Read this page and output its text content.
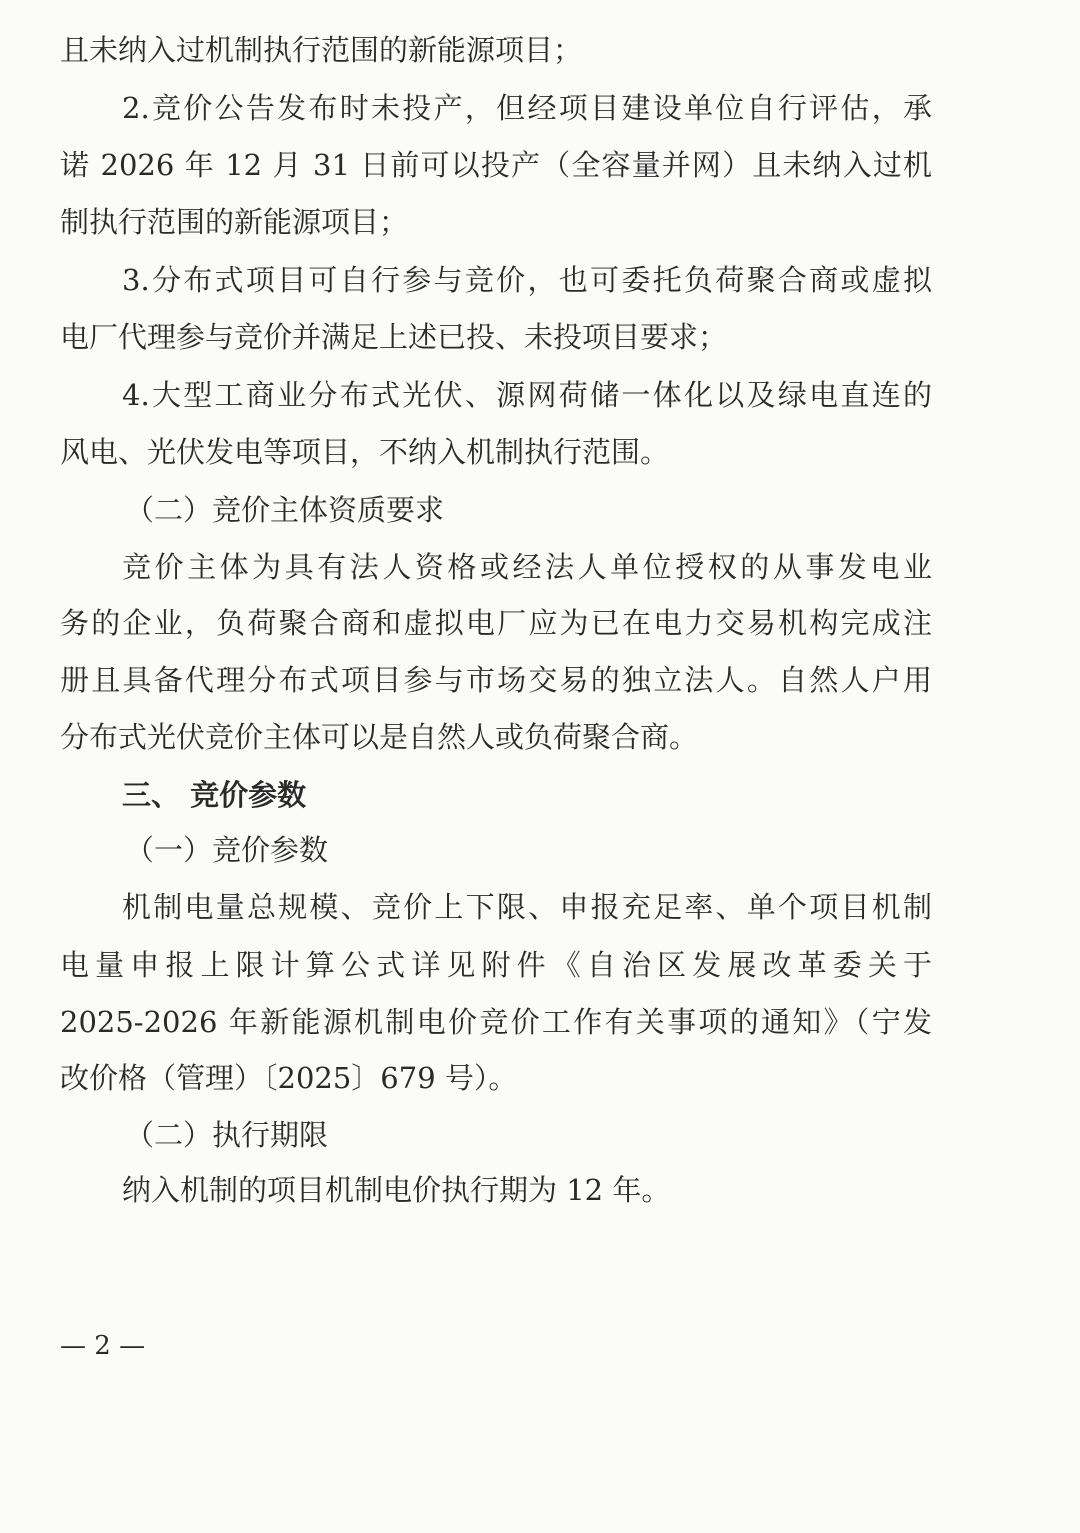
且未纳入过机制执行范围的新能源项目；
2.竞价公告发布时未投产，但经项目建设单位自行评估，承
诺 2026 年 12 月 31 日前可以投产（全容量并网）且未纳入过机
制执行范围的新能源项目；
3.分布式项目可自行参与竞价，也可委托负荷聚合商或虚拟
电厂代理参与竞价并满足上述已投、未投项目要求；
4.大型工商业分布式光伏、源网荷储一体化以及绿电直连的
风电、光伏发电等项目，不纳入机制执行范围。
（二）竞价主体资质要求
竞价主体为具有法人资格或经法人单位授权的从事发电业
务的企业，负荷聚合商和虚拟电厂应为已在电力交易机构完成注
册且具备代理分布式项目参与市场交易的独立法人。自然人户用
分布式光伏竞价主体可以是自然人或负荷聚合商。
三、 竞价参数
（一）竞价参数
机制电量总规模、竞价上下限、申报充足率、单个项目机制
电量申报上限计算公式详见附件《自治区发展改革委关于
2025-2026 年新能源机制电价竞价工作有关事项的通知》（宁发
改价格（管理）〔2025〕679 号）。
（二）执行期限
纳入机制的项目机制电价执行期为 12 年。
— 2 —
